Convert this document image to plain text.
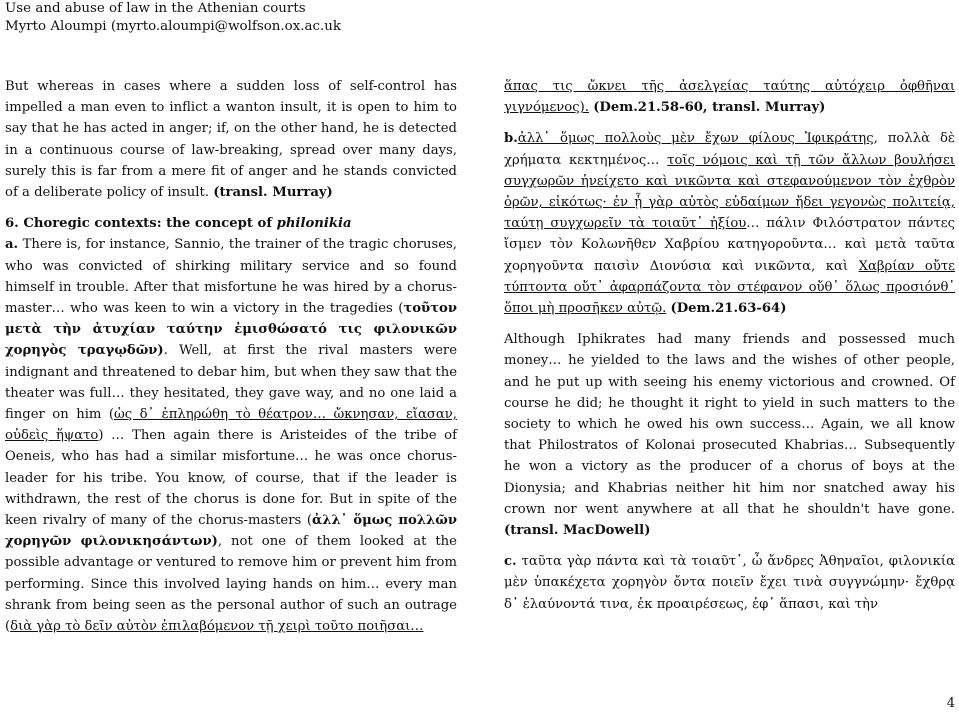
Use and abuse of law in the Athenian courts
Myrto Aloumpi (myrto.aloumpi@wolfson.ox.ac.uk

But whereas in cases where a sudden loss of self-control has impelled a man even to inflict a wanton insult, it is open to him to say that he has acted in anger; if, on the other hand, he is detected in a continuous course of law-breaking, spread over many days, surely this is far from a mere fit of anger and he stands convicted of a deliberate policy of insult. (transl. Murray)

6. Choregic contexts: the concept of philonikia

a. There is, for instance, Sannio, the trainer of the tragic choruses, who was convicted of shirking military service and so found himself in trouble. After that misfortune he was hired by a chorus-master… who was keen to win a victory in the tragedies (τοῦτον μετὰ τὴν ἀτυχίαν ταύτην ἐμισθώσατό τις φιλονικῶν χορηγὸς τραγῳδῶν). Well, at first the rival masters were indignant and threatened to debar him, but when they saw that the theater was full… they hesitated, they gave way, and no one laid a finger on him (ὡς δ᾽ ἐπληρώθη τὸ θέατρον… ὤκνησαν, εἴασαν, οὐδεὶς ἥψατο) … Then again there is Aristeides of the tribe of Oeneis, who has had a similar misfortune… he was once chorus-leader for his tribe. You know, of course, that if the leader is withdrawn, the rest of the chorus is done for. But in spite of the keen rivalry of many of the chorus-masters (ἀλλ᾽ ὅμως πολλῶν χορηγῶν φιλονικησάντων), not one of them looked at the possible advantage or ventured to remove him or prevent him from performing. Since this involved laying hands on him… every man shrank from being seen as the personal author of such an outrage (διὰ γὰρ τὸ δεῖν αὐτὸν ἐπιλαβόμενον τῇ χειρὶ τοῦτο ποιῆσαι…

ἅπας τις ὤκνει τῆς ἀσελγείας ταύτης αὐτόχειρ ὀφθῆναι γιγνόμενος). (Dem.21.58-60, transl. Murray)

b.ἀλλ᾽ ὅμως πολλοὺς μὲν ἔχων φίλους Ἰφικράτης, πολλὰ δὲ χρήματα κεκτημένος… τοῖς νόμοις καὶ τῇ τῶν ἄλλων βουλήσει συγχωρῶν ἠνείχετο καὶ νικῶντα καὶ στεφανούμενον τὸν ἐχθρὸν ὁρῶν, εἰκότως· ἐν ᾗ γὰρ αὐτὸς εὐδαίμων ἤδει γεγονὼς πολιτείᾳ, ταύτῃ συγχωρεῖν τὰ τοιαῦτ᾽ ἠξίου… πάλιν Φιλόστρατον πάντες ἴσμεν τὸν Κολωνῆθεν Χαβρίου κατηγοροῦντα… καὶ μετὰ ταῦτα χορηγοῦντα παισὶν Διονύσια καὶ νικῶντα, καὶ Χαβρίαν οὔτε τύπτοντα οὔτ᾽ ἀφαρπάζοντα τὸν στέφανον οὔθ᾽ ὅλως προσιόνθ᾽ ὅποι μὴ προσῆκεν αὐτῷ. (Dem.21.63-64)

Although Iphikrates had many friends and possessed much money… he yielded to the laws and the wishes of other people, and he put up with seeing his enemy victorious and crowned. Of course he did; he thought it right to yield in such matters to the society to which he owed his own success… Again, we all know that Philostratos of Kolonai prosecuted Khabrias… Subsequently he won a victory as the producer of a chorus of boys at the Dionysia; and Khabrias neither hit him nor snatched away his crown nor went anywhere at all that he shouldn't have gone. (transl. MacDowell)

c. ταῦτα γὰρ πάντα καὶ τὰ τοιαῦτ᾽, ὦ ἄνδρες Ἀθηναῖοι, φιλονικία μὲν ὑπακέχετα χορηγὸν ὄντα ποιεῖν ἔχει τινὰ συγγνώμην· ἔχθρᾳ δ᾽ ἐλαύνοντά τινα, ἐκ προαιρέσεως, ἐφ᾽ ἅπασι, καὶ τὴν

4
